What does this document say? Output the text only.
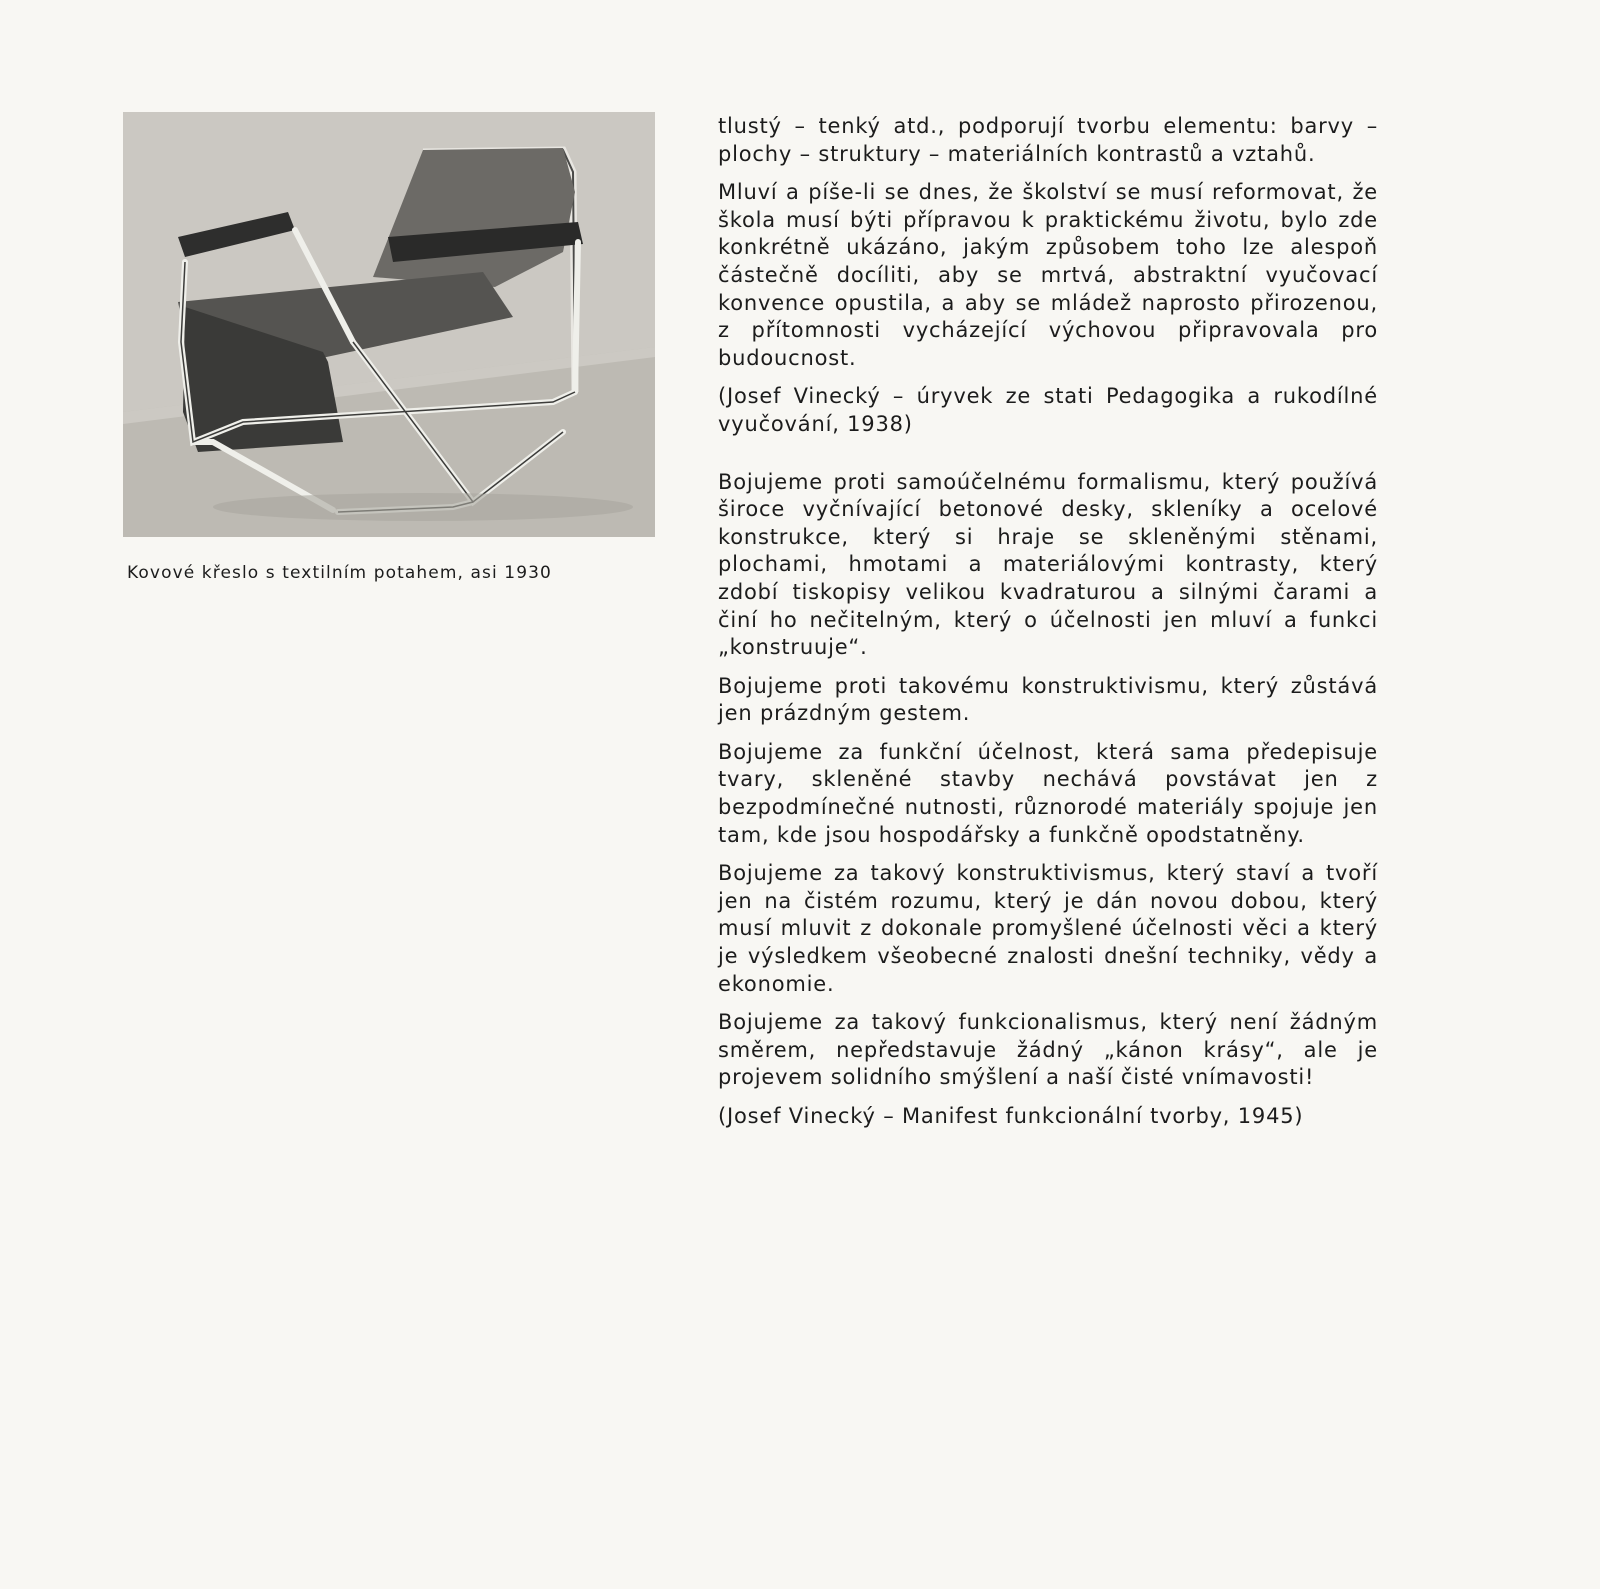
Kovové křeslo s textilním potahem, asi 1930

tlustý – tenký atd., podporují tvorbu elementu: barvy – plochy – struktury – materiálních kontrastů a vztahů.

Mluví a píše-li se dnes, že školství se musí reformovat, že škola musí býti přípravou k praktickému životu, bylo zde konkrétně ukázáno, jakým způsobem toho lze alespoň částečně docíliti, aby se mrtvá, abstraktní vyučovací konvence opustila, a aby se mládež naprosto přirozenou, z přítomnosti vycházející výchovou připravovala pro budoucnost.

(Josef Vinecký – úryvek ze stati Pedagogika a rukodílné vyučování, 1938)

Bojujeme proti samoúčelnému formalismu, který používá široce vyčnívající betonové desky, skleníky a ocelové konstrukce, který si hraje se skleněnými stěnami, plochami, hmotami a materiálovými kontrasty, který zdobí tiskopisy velikou kvadraturou a silnými čarami a činí ho nečitelným, který o účelnosti jen mluví a funkci „konstruuje“.

Bojujeme proti takovému konstruktivismu, který zůstává jen prázdným gestem.

Bojujeme za funkční účelnost, která sama předepisuje tvary, skleněné stavby nechává povstávat jen z bezpodmínečné nutnosti, různorodé materiály spojuje jen tam, kde jsou hospodářsky a funkčně opodstatněny.

Bojujeme za takový konstruktivismus, který staví a tvoří jen na čistém rozumu, který je dán novou dobou, který musí mluvit z dokonale promyšlené účelnosti věci a který je výsledkem všeobecné znalosti dnešní techniky, vědy a ekonomie.

Bojujeme za takový funkcionalismus, který není žádným směrem, nepředstavuje žádný „kánon krásy“, ale je projevem solidního smýšlení a naší čisté vnímavosti!

(Josef Vinecký – Manifest funkcionální tvorby, 1945)
